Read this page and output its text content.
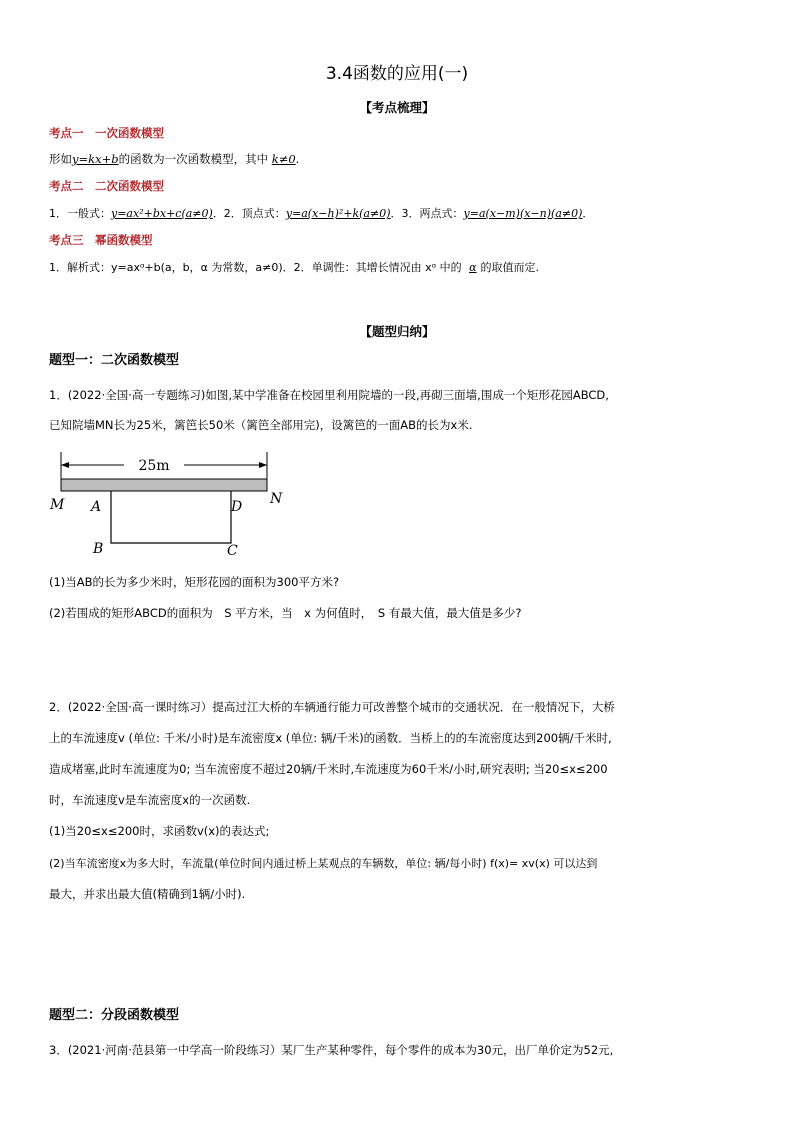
3.4函数的应用(一)
【考点梳理】
考点一　一次函数模型
形如y=kx+b的函数为一次函数模型，其中 k≠0.
考点二　二次函数模型
1．一般式：y=ax²+bx+c(a≠0)．2．顶点式：y=a(x−h)²+k(a≠0)．3．两点式：y=a(x−m)(x−n)(a≠0)．
考点三　幂函数模型
1．解析式：y=axᵅ+b(a，b，α 为常数，a≠0)．2．单调性：其增长情况由 xᵅ 中的 α 的取值而定.
【题型归纳】
题型一：二次函数模型
1．(2022·全国·高一专题练习)如图,某中学准备在校园里利用院墙的一段,再砌三面墙,围成一个矩形花园ABCD,
已知院墙MN长为25米，篱笆长50米（篱笆全部用完)，设篱笆的一面AB的长为x米.
25m
M	N
A	D
B	C
(1)当AB的长为多少米时，矩形花园的面积为300平方米?
(2)若围成的矩形ABCD的面积为　S 平方米，当　x 为何值时，　S 有最大值，最大值是多少?
2．(2022·全国·高一课时练习）提高过江大桥的车辆通行能力可改善整个城市的交通状况．在一般情况下，大桥
上的车流速度v (单位: 千米/小时)是车流密度x (单位: 辆/千米)的函数．当桥上的的车流密度达到200辆/千米时,
造成堵塞,此时车流速度为0; 当车流密度不超过20辆/千米时,车流速度为60千米/小时,研究表明; 当20≤x≤200
时，车流速度v是车流密度x的一次函数.
(1)当20≤x≤200时，求函数v(x)的表达式;
(2)当车流密度x为多大时，车流量(单位时间内通过桥上某观点的车辆数，单位: 辆/每小时) f(x)= xv(x) 可以达到
最大，并求出最大值(精确到1辆/小时).
题型二：分段函数模型
3．(2021·河南·范县第一中学高一阶段练习）某厂生产某种零件，每个零件的成本为30元，出厂单价定为52元,
